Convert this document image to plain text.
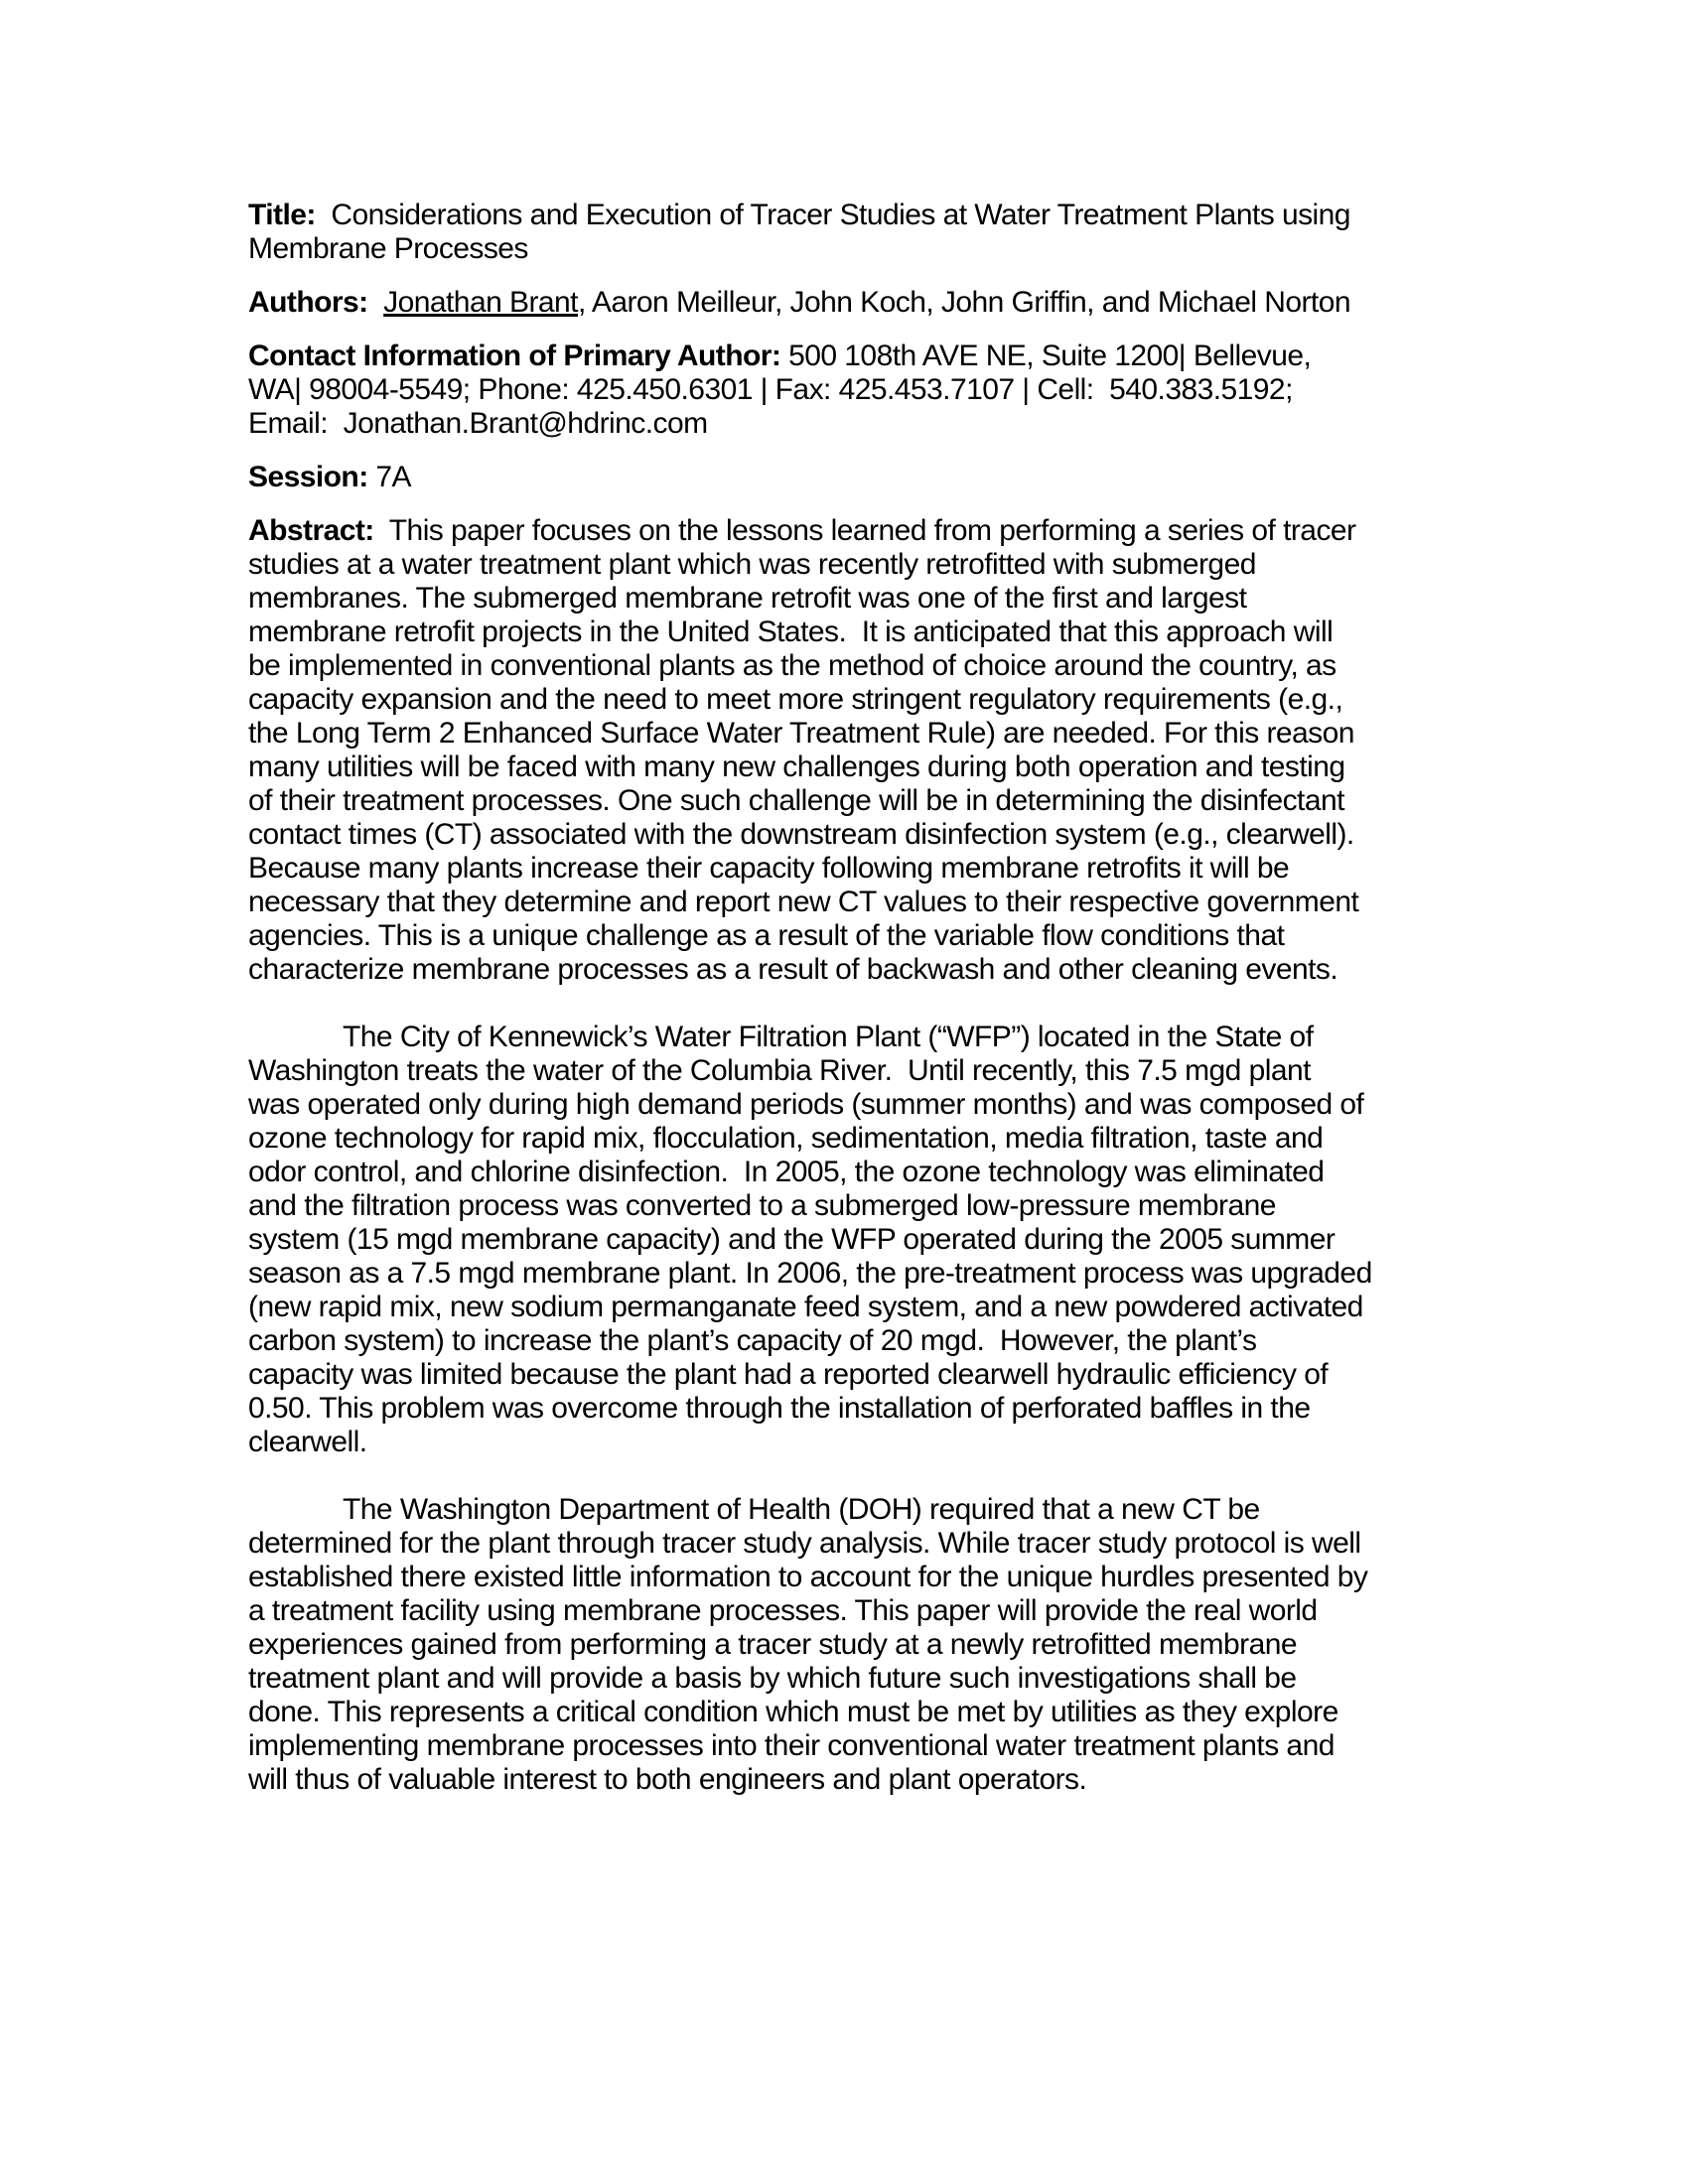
Title:  Considerations and Execution of Tracer Studies at Water Treatment Plants using
Membrane Processes
Authors: Jonathan Brant, Aaron Meilleur, John Koch, John Griffin, and Michael Norton
Contact Information of Primary Author: 500 108th AVE NE, Suite 1200| Bellevue,
WA| 98004-5549; Phone: 425.450.6301 | Fax: 425.453.7107 | Cell:  540.383.5192;
Email:  Jonathan.Brant@hdrinc.com
Session: 7A
Abstract:  This paper focuses on the lessons learned from performing a series of tracer
studies at a water treatment plant which was recently retrofitted with submerged
membranes. The submerged membrane retrofit was one of the first and largest
membrane retrofit projects in the United States.  It is anticipated that this approach will
be implemented in conventional plants as the method of choice around the country, as
capacity expansion and the need to meet more stringent regulatory requirements (e.g.,
the Long Term 2 Enhanced Surface Water Treatment Rule) are needed. For this reason
many utilities will be faced with many new challenges during both operation and testing
of their treatment processes. One such challenge will be in determining the disinfectant
contact times (CT) associated with the downstream disinfection system (e.g., clearwell).
Because many plants increase their capacity following membrane retrofits it will be
necessary that they determine and report new CT values to their respective government
agencies. This is a unique challenge as a result of the variable flow conditions that
characterize membrane processes as a result of backwash and other cleaning events.
The City of Kennewick’s Water Filtration Plant (“WFP”) located in the State of
Washington treats the water of the Columbia River.  Until recently, this 7.5 mgd plant
was operated only during high demand periods (summer months) and was composed of
ozone technology for rapid mix, flocculation, sedimentation, media filtration, taste and
odor control, and chlorine disinfection.  In 2005, the ozone technology was eliminated
and the filtration process was converted to a submerged low-pressure membrane
system (15 mgd membrane capacity) and the WFP operated during the 2005 summer
season as a 7.5 mgd membrane plant. In 2006, the pre-treatment process was upgraded
(new rapid mix, new sodium permanganate feed system, and a new powdered activated
carbon system) to increase the plant’s capacity of 20 mgd.  However, the plant’s
capacity was limited because the plant had a reported clearwell hydraulic efficiency of
0.50. This problem was overcome through the installation of perforated baffles in the
clearwell.
The Washington Department of Health (DOH) required that a new CT be
determined for the plant through tracer study analysis. While tracer study protocol is well
established there existed little information to account for the unique hurdles presented by
a treatment facility using membrane processes. This paper will provide the real world
experiences gained from performing a tracer study at a newly retrofitted membrane
treatment plant and will provide a basis by which future such investigations shall be
done. This represents a critical condition which must be met by utilities as they explore
implementing membrane processes into their conventional water treatment plants and
will thus of valuable interest to both engineers and plant operators.
